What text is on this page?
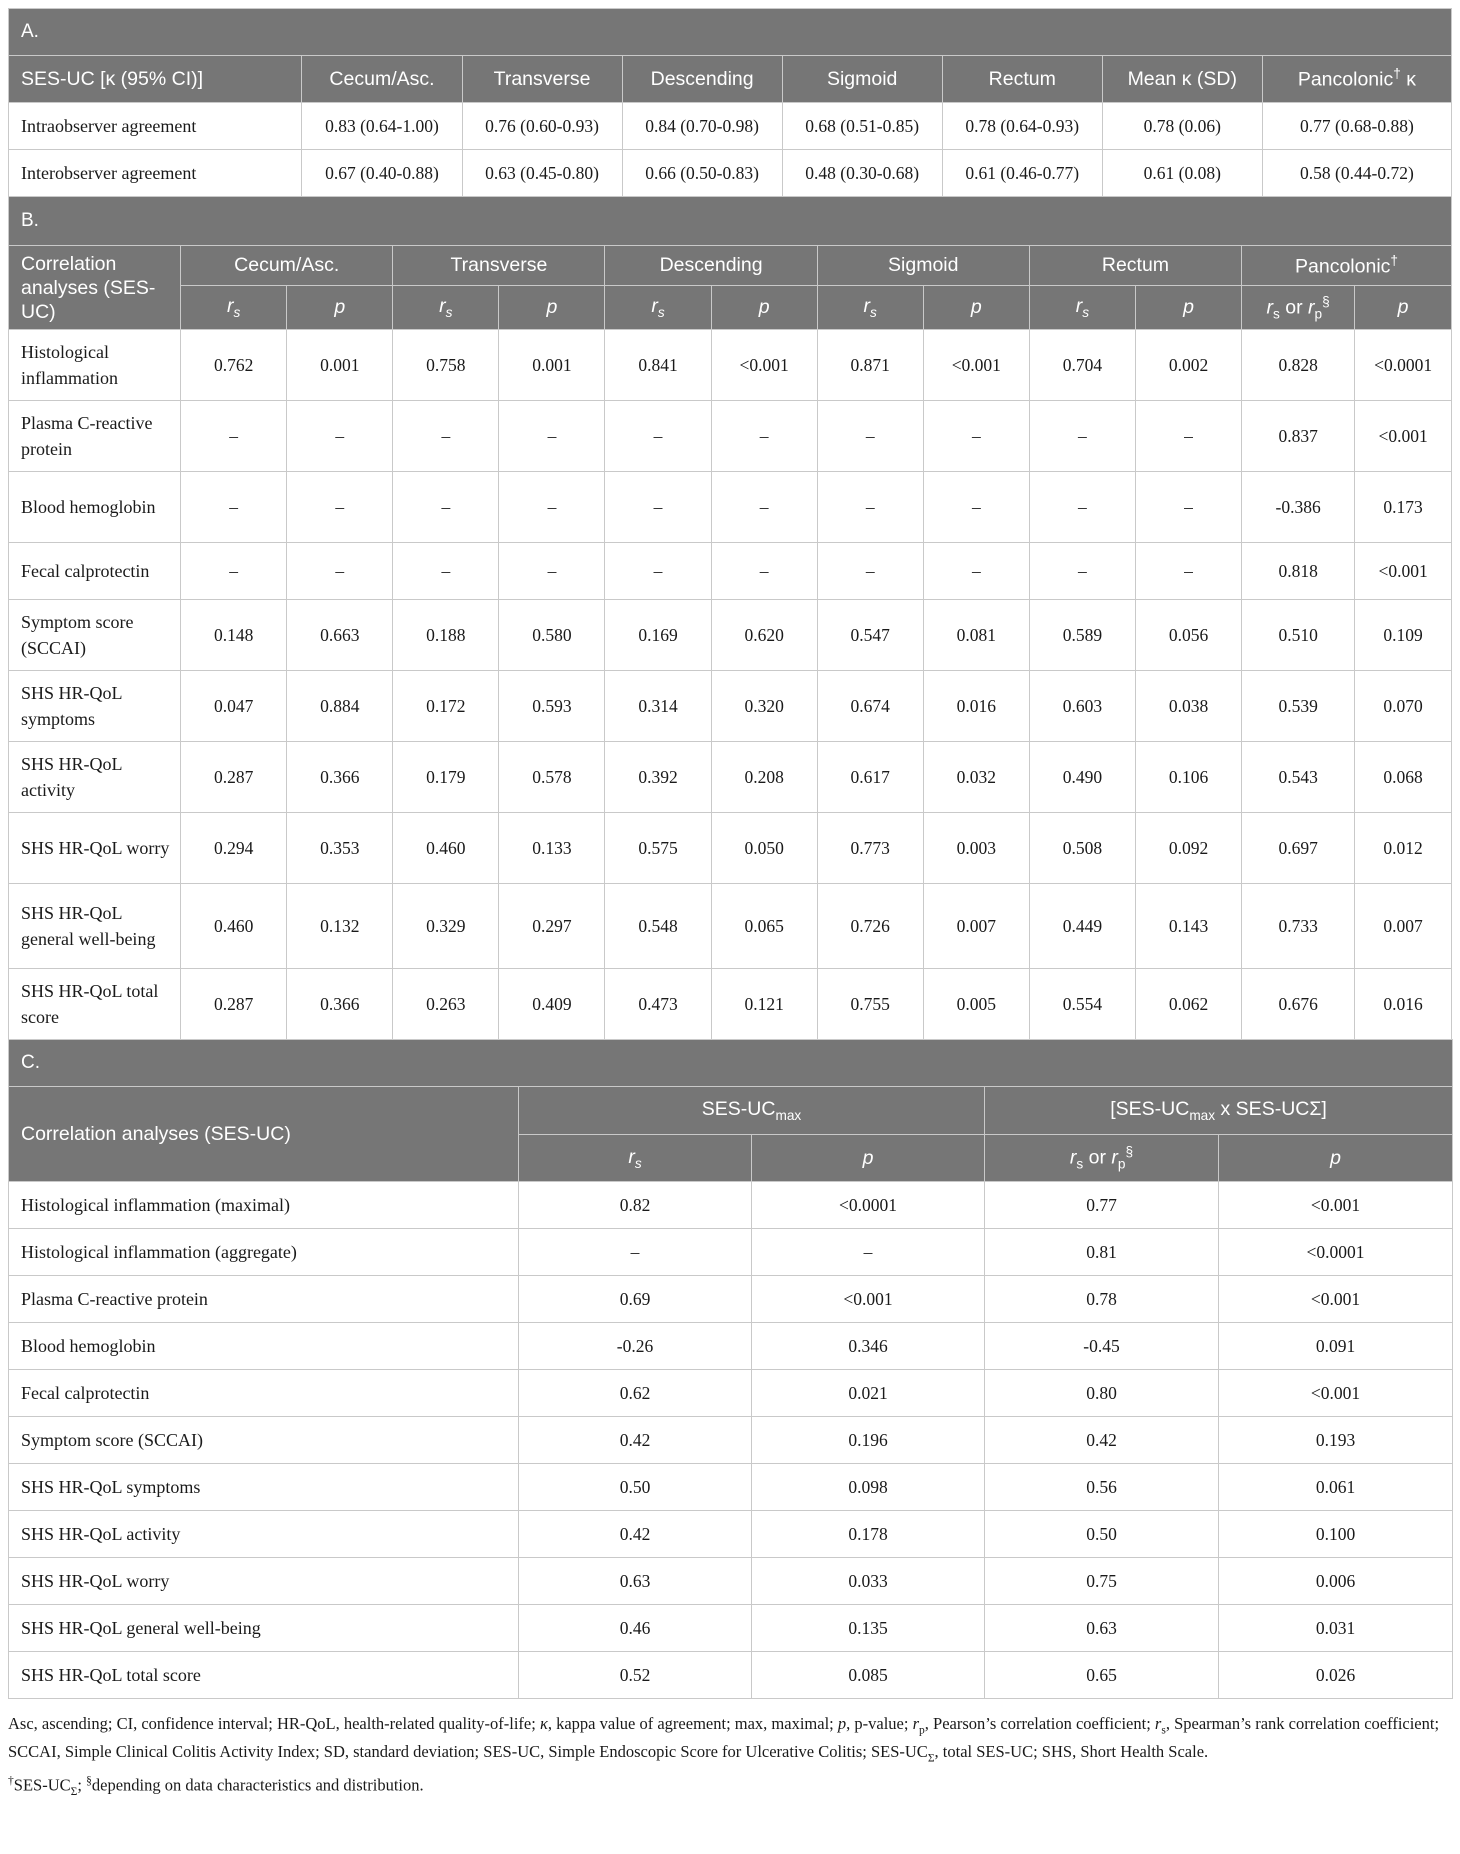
A.							
SES-UC [κ (95% CI)]	Cecum/Asc.	Transverse	Descending	Sigmoid	Rectum	Mean κ (SD)	Pancolonic† κ
Intraobserver agreement	0.83 (0.64-1.00)	0.76 (0.60-0.93)	0.84 (0.70-0.98)	0.68 (0.51-0.85)	0.78 (0.64-0.93)	0.78 (0.06)	0.77 (0.68-0.88)
Interobserver agreement	0.67 (0.40-0.88)	0.63 (0.45-0.80)	0.66 (0.50-0.83)	0.48 (0.30-0.68)	0.61 (0.46-0.77)	0.61 (0.08)	0.58 (0.44-0.72)
B.												
Correlation analyses (SES-UC)	Cecum/Asc.		Transverse		Descending		Sigmoid		Rectum		Pancolonic†
	$r_s$	p	$r_s$	p	$r_s$	p	$r_s$	p	$r_s$	p	$r_s$ or $r_p^\S$	p
Histological inflammation	0.762	0.001	0.758	0.001	0.841	<0.001	0.871	<0.001	0.704	0.002	0.828	<0.0001
Plasma C-reactive protein	–	–	–	–	–	–	–	–	–	–	0.837	<0.001
Blood hemoglobin	–	–	–	–	–	–	–	–	–	–	-0.386	0.173
Fecal calprotectin	–	–	–	–	–	–	–	–	–	–	0.818	<0.001
Symptom score (SCCAI)	0.148	0.663	0.188	0.580	0.169	0.620	0.547	0.081	0.589	0.056	0.510	0.109
SHS HR-QoL symptoms	0.047	0.884	0.172	0.593	0.314	0.320	0.674	0.016	0.603	0.038	0.539	0.070
SHS HR-QoL activity	0.287	0.366	0.179	0.578	0.392	0.208	0.617	0.032	0.490	0.106	0.543	0.068
SHS HR-QoL worry	0.294	0.353	0.460	0.133	0.575	0.050	0.773	0.003	0.508	0.092	0.697	0.012
SHS HR-QoL general well-being	0.460	0.132	0.329	0.297	0.548	0.065	0.726	0.007	0.449	0.143	0.733	0.007
SHS HR-QoL total score	0.287	0.366	0.263	0.409	0.473	0.121	0.755	0.005	0.554	0.062	0.676	0.016
C.				
Correlation analyses (SES-UC)	SES-$UC_{max}$		[$SES-UC_{max}$ x SES-UCΣ]	
	$r_s$	p	$r_s$ or $r_p^\S$	p
Histological inflammation (maximal)	0.82	<0.0001	0.77	<0.001
Histological inflammation (aggregate)	–	–	0.81	<0.0001
Plasma C-reactive protein	0.69	<0.001	0.78	<0.001
Blood hemoglobin	-0.26	0.346	-0.45	0.091
Fecal calprotectin	0.62	0.021	0.80	<0.001
Symptom score (SCCAI)	0.42	0.196	0.42	0.193
SHS HR-QoL symptoms	0.50	0.098	0.56	0.061
SHS HR-QoL activity	0.42	0.178	0.50	0.100
SHS HR-QoL worry	0.63	0.033	0.75	0.006
SHS HR-QoL general well-being	0.46	0.135	0.63	0.031
SHS HR-QoL total score	0.52	0.085	0.65	0.026

Asc, ascending; CI, confidence interval; HR-QoL, health-related quality-of-life; κ, kappa value of agreement; max, maximal; p, p-value; $r_p$, Pearson’s correlation coefficient; $r_s$, Spearman’s rank correlation coefficient; SCCAI, Simple Clinical Colitis Activity Index; SD, standard deviation; SES-UC, Simple Endoscopic Score for Ulcerative Colitis; SES-$UC_\Sigma$, total SES-UC; SHS, Short Health Scale.

$^\dagger SES-UC_\Sigma$; §depending on data characteristics and distribution.
